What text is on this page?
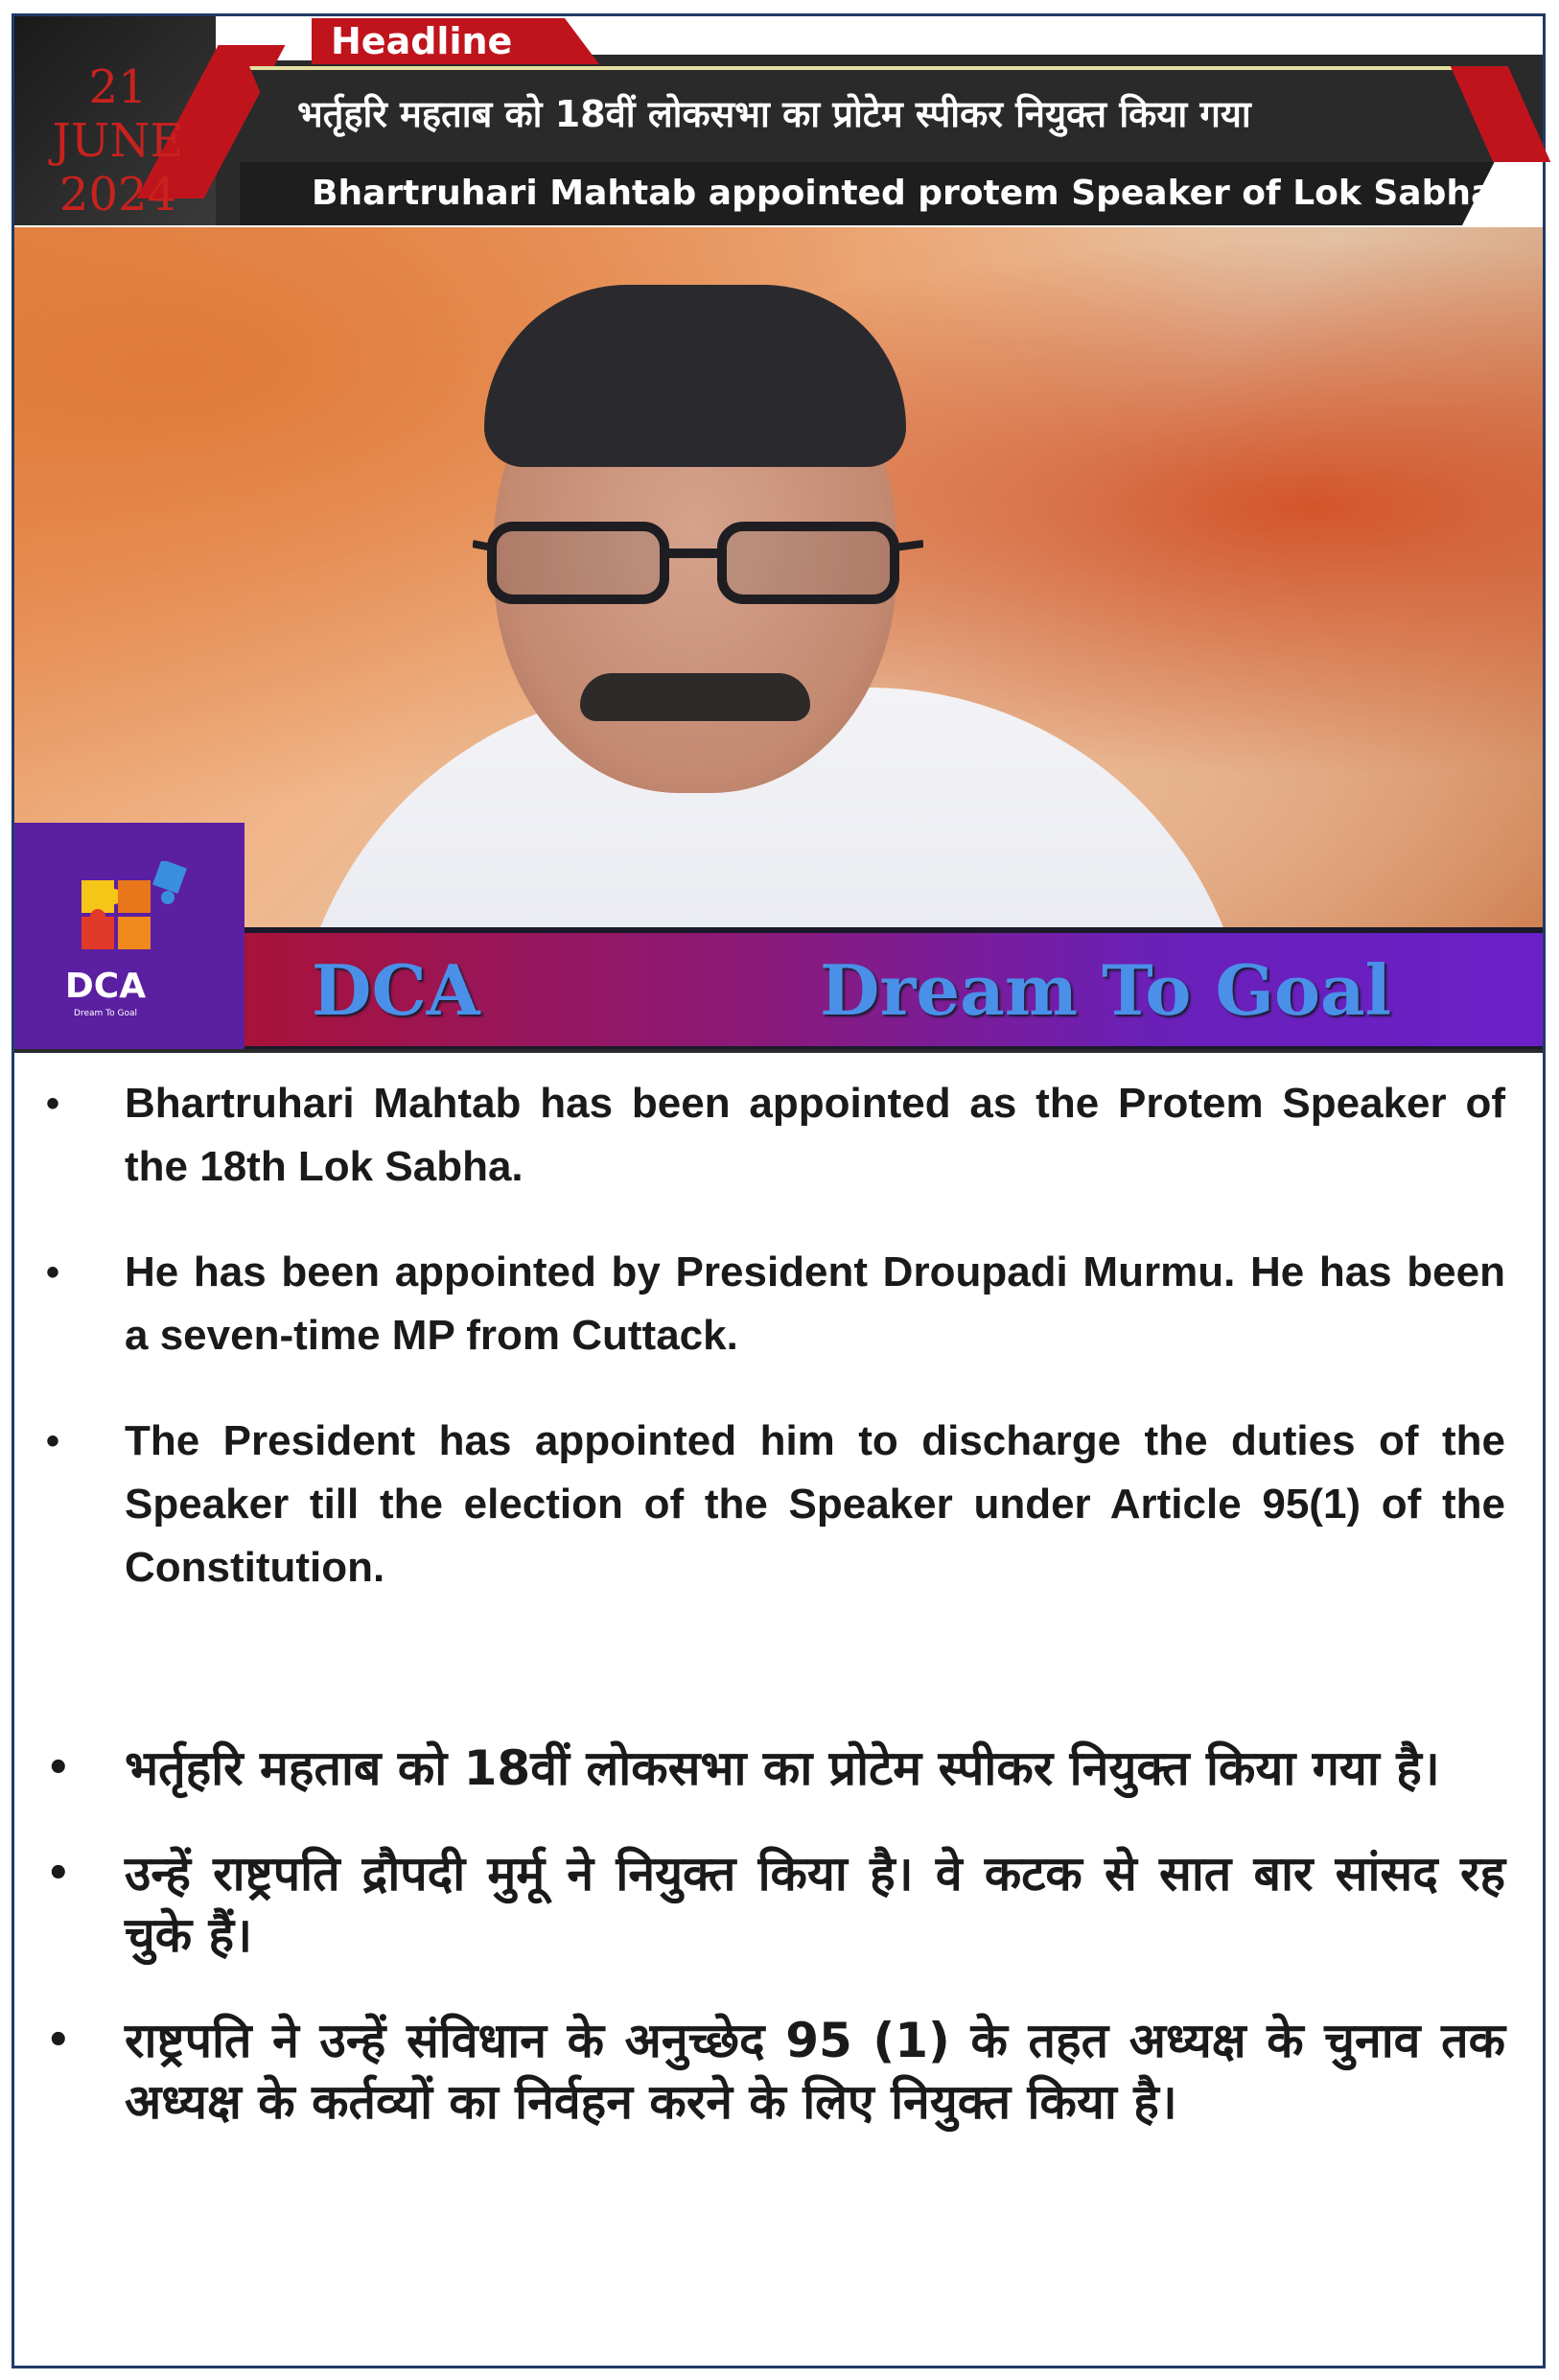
21
JUNE
2024
Headline
भर्तृहरि महताब को 18वीं लोकसभा का प्रोटेम स्पीकर नियुक्त किया गया
Bhartruhari Mahtab appointed protem Speaker of Lok Sabha
DCA
Dream To Goal	DCA	Dream To Goal
• Bhartruhari Mahtab has been appointed as the Protem Speaker of the 18th Lok Sabha.
• He has been appointed by President Droupadi Murmu. He has been a seven-time MP from Cuttack.
• The President has appointed him to discharge the duties of the Speaker till the election of the Speaker under Article 95(1) of the Constitution.
• भर्तृहरि महताब को 18वीं लोकसभा का प्रोटेम स्पीकर नियुक्त किया गया है।
• उन्हें राष्ट्रपति द्रौपदी मुर्मू ने नियुक्त किया है। वे कटक से सात बार सांसद रह चुके हैं।
• राष्ट्रपति ने उन्हें संविधान के अनुच्छेद 95 (1) के तहत अध्यक्ष के चुनाव तक अध्यक्ष के कर्तव्यों का निर्वहन करने के लिए नियुक्त किया है।
